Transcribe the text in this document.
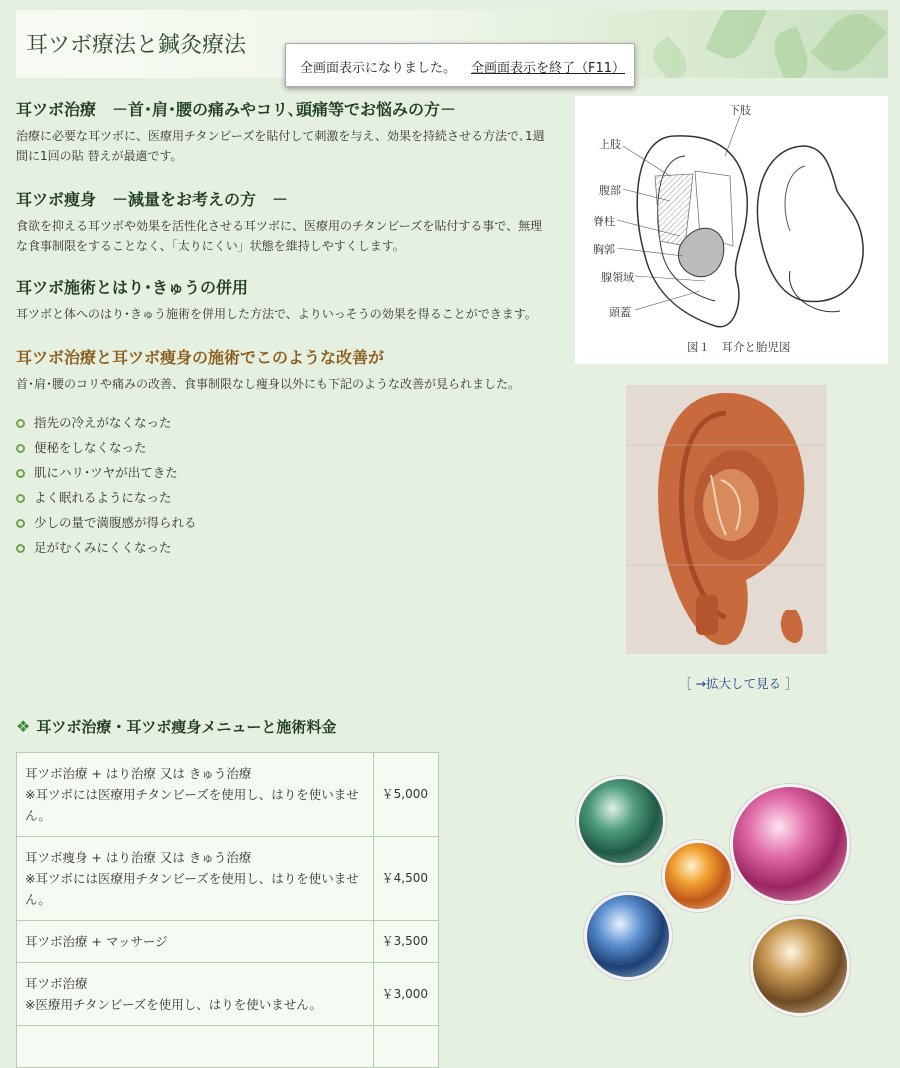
耳ツボ療法と鍼灸療法
全画面表示になりました。 全画面表示を終了（F11）
耳ツボ治療　－首･肩･腰の痛みやコリ､頭痛等でお悩みの方－

治療に必要な耳ツボに、医療用チタンビーズを貼付して刺激を与え、効果を持続させる方法で､1週間に1回の貼 替えが最適です。

耳ツボ痩身　－減量をお考えの方　－

食欲を抑える耳ツボや効果を活性化させる耳ツボに、医療用のチタンビーズを貼付する事で、無理な食事制限をすることなく、「太りにくい」状態を維持しやすくします。

耳ツボ施術とはり･きゅうの併用

耳ツボと体へのはり･きゅう施術を併用した方法で、よりいっそうの効果を得ることができます。

耳ツボ治療と耳ツボ痩身の施術でこのような改善が

首･肩･腰のコリや痛みの改善、食事制限なし痩身以外にも下記のような改善が見られました。

指先の冷えがなくなった
便秘をしなくなった
肌にハリ･ツヤが出てきた
よく眠れるようになった
少しの量で満腹感が得られる
足がむくみにくくなった
下肢
上肢
腹部
脊柱
胸郭
腺領域
頭蓋
図１　耳介と胎児図
［ →拡大して見る ］
❖ 耳ツボ治療・耳ツボ痩身メニューと施術料金
耳ツボ治療 + はり治療 又は きゅう治療
※耳ツボには医療用チタンビーズを使用し、はりを使いません。	￥5,000
耳ツボ痩身 + はり治療 又は きゅう治療
※耳ツボには医療用チタンビーズを使用し、はりを使いません。	￥4,500
耳ツボ治療 + マッサージ	￥3,500
耳ツボ治療
※医療用チタンビーズを使用し、はりを使いません。	￥3,000
